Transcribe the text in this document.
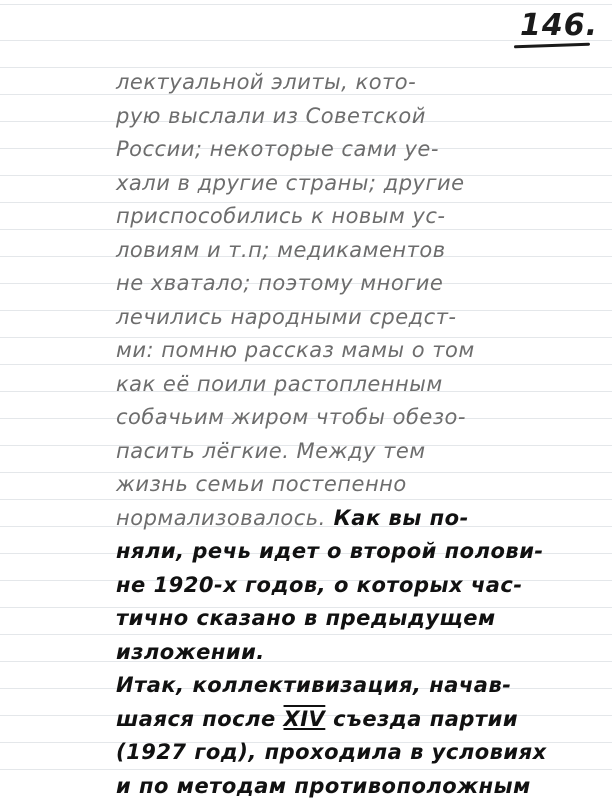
146.
лектуальной элиты, кото-
рую выслали из Советской
России; некоторые сами уе-
хали в другие страны; другие
приспособились к новым ус-
ловиям и т.п; медикаментов
не хватало; поэтому многие
лечились народными средст-
ми: помню рассказ мамы о том
как её поили растопленным
собачьим жиром чтобы обезо-
пасить лёгкие. Между тем
жизнь семьи постепенно
нормализовалось. Как вы по-
няли, речь идет о второй полови-
не 1920-х годов, о которых час-
тично сказано в предыдущем
изложении.
Итак, коллективизация, начав-
шаяся после XIV съезда партии
(1927 год), проходила в условиях
и по методам противоположным
